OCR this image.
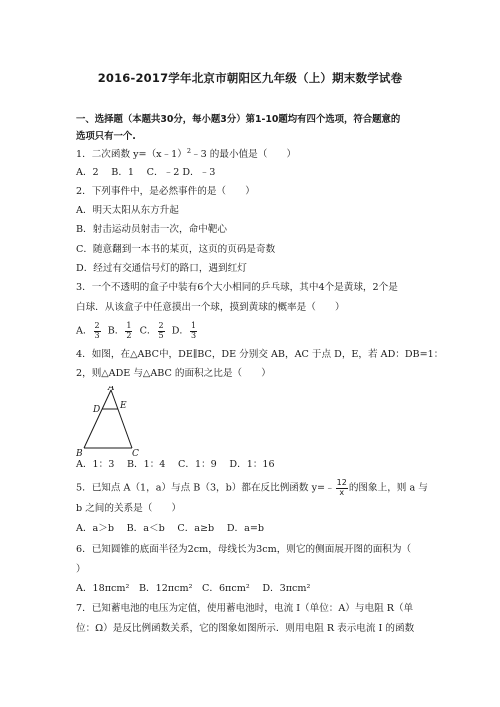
2016-2017学年北京市朝阳区九年级（上）期末数学试卷
一、选择题（本题共30分，每小题3分）第1-10题均有四个选项，符合题意的
选项只有一个.
1．二次函数 y=（x﹣1）$^2$﹣3 的最小值是（　　）
A．2　 B．1　 C．﹣2 D．﹣3
2．下列事件中，是必然事件的是（　　）
A．明天太阳从东方升起
B．射击运动员射击一次，命中靶心
C．随意翻到一本书的某页，这页的页码是奇数
D．经过有交通信号灯的路口，遇到红灯
3．一个不透明的盒子中装有6个大小相同的乒乓球，其中4个是黄球，2个是
白球．从该盒子中任意摸出一个球，摸到黄球的概率是（　　）
A． $\frac{2}{3}$ B． $\frac{1}{2}$ C． $\frac{2}{5}$ D． $\frac{1}{3}$
4．如图，在△ABC中，DE∥BC，DE 分别交 AB，AC 于点 D，E，若 AD：DB=1：
2，则△ADE 与△ABC 的面积之比是（　　）
A
D E
B	C
A．1：3　 B．1：4　 C．1：9　 D．1：16
5．已知点 A（1，a）与点 B（3，b）都在反比例函数 y=﹣ $\frac{12}{x}$ 的图象上，则 a 与
b 之间的关系是（　　）
A．a＞b　 B．a＜b　 C．a≥b　 D．a=b
6．已知圆锥的底面半径为2cm，母线长为3cm，则它的侧面展开图的面积为（
）
A．18πcm²　B．12πcm²　C．6πcm²　 D．3πcm²
7．已知蓄电池的电压为定值，使用蓄电池时，电流 I（单位：A）与电阻 R（单
位：Ω）是反比例函数关系，它的图象如图所示．则用电阻 R 表示电流 I 的函数
